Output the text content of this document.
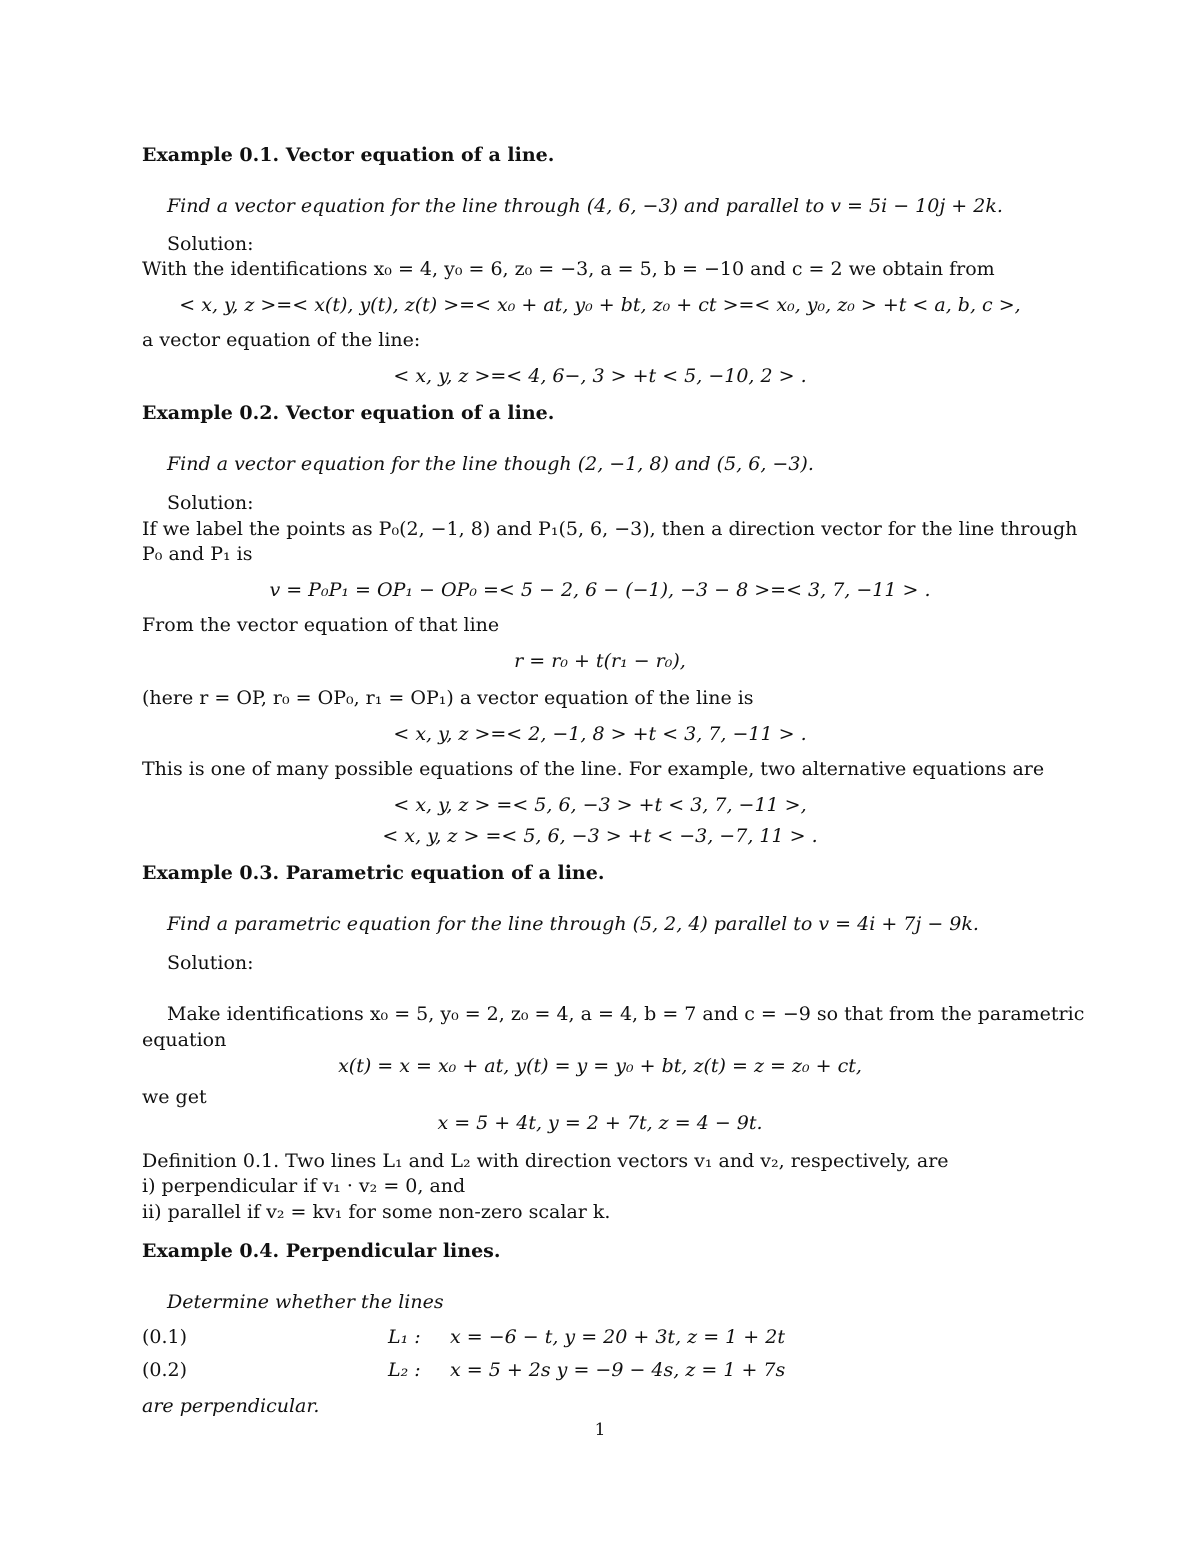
Example 0.1. Vector equation of a line.
Find a vector equation for the line through (4, 6, −3) and parallel to v = 5i − 10j + 2k.
Solution:
With the identifications x₀ = 4, y₀ = 6, z₀ = −3, a = 5, b = −10 and c = 2 we obtain from
< x, y, z >=< x(t), y(t), z(t) >=< x₀ + at, y₀ + bt, z₀ + ct >=< x₀, y₀, z₀ > +t < a, b, c >,
a vector equation of the line:
< x, y, z >=< 4, 6−, 3 > +t < 5, −10, 2 > .
Example 0.2. Vector equation of a line.
Find a vector equation for the line though (2, −1, 8) and (5, 6, −3).
Solution:
If we label the points as P₀(2, −1, 8) and P₁(5, 6, −3), then a direction vector for the line through
P₀ and P₁ is
v = P₀P₁ = OP₁ − OP₀ =< 5 − 2, 6 − (−1), −3 − 8 >=< 3, 7, −11 > .
From the vector equation of that line
r = r₀ + t(r₁ − r₀),
(here r = OP, r₀ = OP₀, r₁ = OP₁) a vector equation of the line is
< x, y, z >=< 2, −1, 8 > +t < 3, 7, −11 > .
This is one of many possible equations of the line. For example, two alternative equations are
< x, y, z > =< 5, 6, −3 > +t < 3, 7, −11 >,
< x, y, z > =< 5, 6, −3 > +t < −3, −7, 11 > .
Example 0.3. Parametric equation of a line.
Find a parametric equation for the line through (5, 2, 4) parallel to v = 4i + 7j − 9k.
Solution:
Make identifications x₀ = 5, y₀ = 2, z₀ = 4, a = 4, b = 7 and c = −9 so that from the parametric
equation
x(t) = x = x₀ + at, y(t) = y = y₀ + bt, z(t) = z = z₀ + ct,
we get
x = 5 + 4t, y = 2 + 7t, z = 4 − 9t.
Definition 0.1. Two lines L₁ and L₂ with direction vectors v₁ and v₂, respectively, are
i) perpendicular if v₁ · v₂ = 0, and
ii) parallel if v₂ = kv₁ for some non-zero scalar k.
Example 0.4. Perpendicular lines.
Determine whether the lines
(0.1)	L₁ : x = −6 − t, y = 20 + 3t, z = 1 + 2t
(0.2)	L₂ : x = 5 + 2s y = −9 − 4s, z = 1 + 7s
are perpendicular.
1
